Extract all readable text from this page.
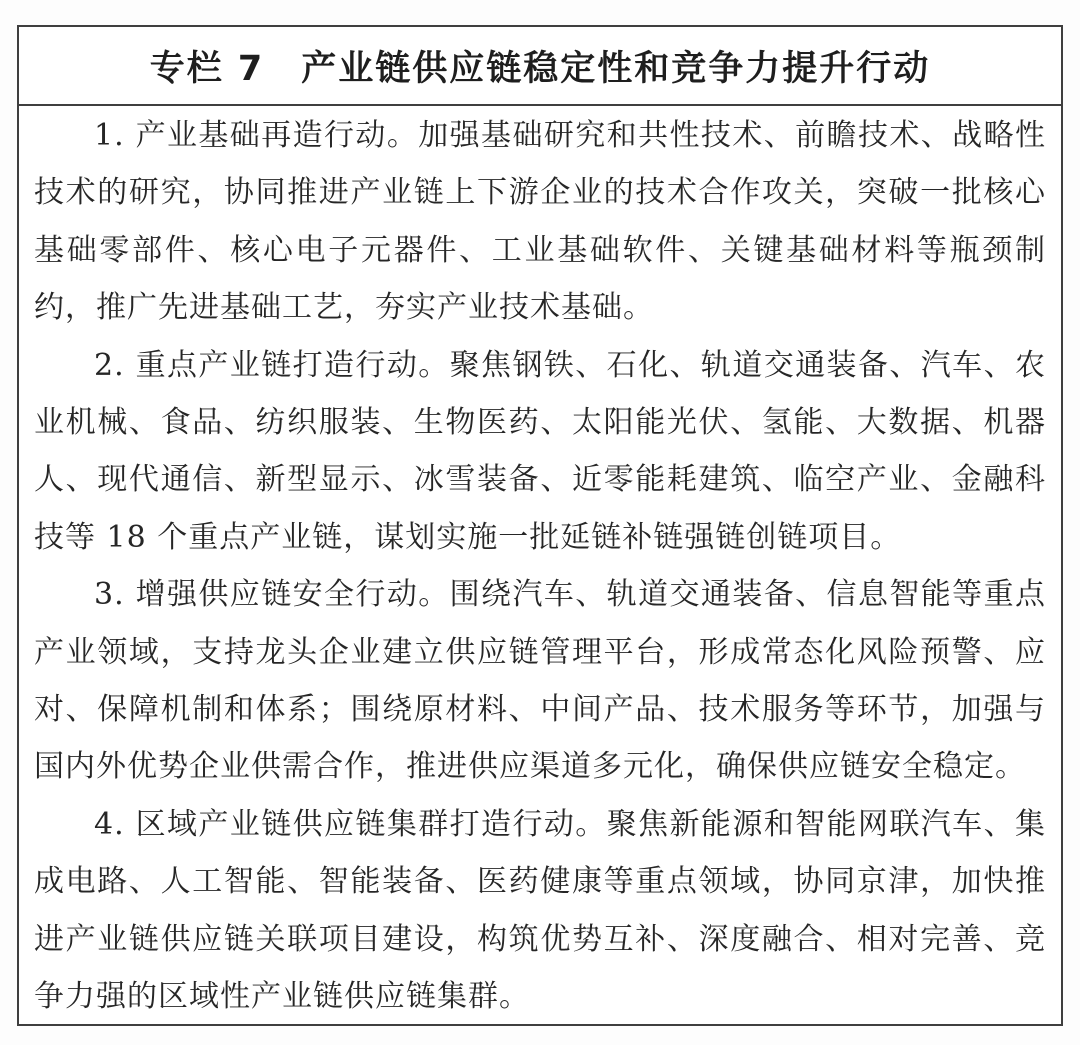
专栏 7　产业链供应链稳定性和竞争力提升行动

1. 产业基础再造行动。加强基础研究和共性技术、前瞻技术、战略性技术的研究，协同推进产业链上下游企业的技术合作攻关，突破一批核心基础零部件、核心电子元器件、工业基础软件、关键基础材料等瓶颈制约，推广先进基础工艺，夯实产业技术基础。

2. 重点产业链打造行动。聚焦钢铁、石化、轨道交通装备、汽车、农业机械、食品、纺织服装、生物医药、太阳能光伏、氢能、大数据、机器人、现代通信、新型显示、冰雪装备、近零能耗建筑、临空产业、金融科技等 18 个重点产业链，谋划实施一批延链补链强链创链项目。

3. 增强供应链安全行动。围绕汽车、轨道交通装备、信息智能等重点产业领域，支持龙头企业建立供应链管理平台，形成常态化风险预警、应对、保障机制和体系；围绕原材料、中间产品、技术服务等环节，加强与国内外优势企业供需合作，推进供应渠道多元化，确保供应链安全稳定。

4. 区域产业链供应链集群打造行动。聚焦新能源和智能网联汽车、集成电路、人工智能、智能装备、医药健康等重点领域，协同京津，加快推进产业链供应链关联项目建设，构筑优势互补、深度融合、相对完善、竞争力强的区域性产业链供应链集群。
